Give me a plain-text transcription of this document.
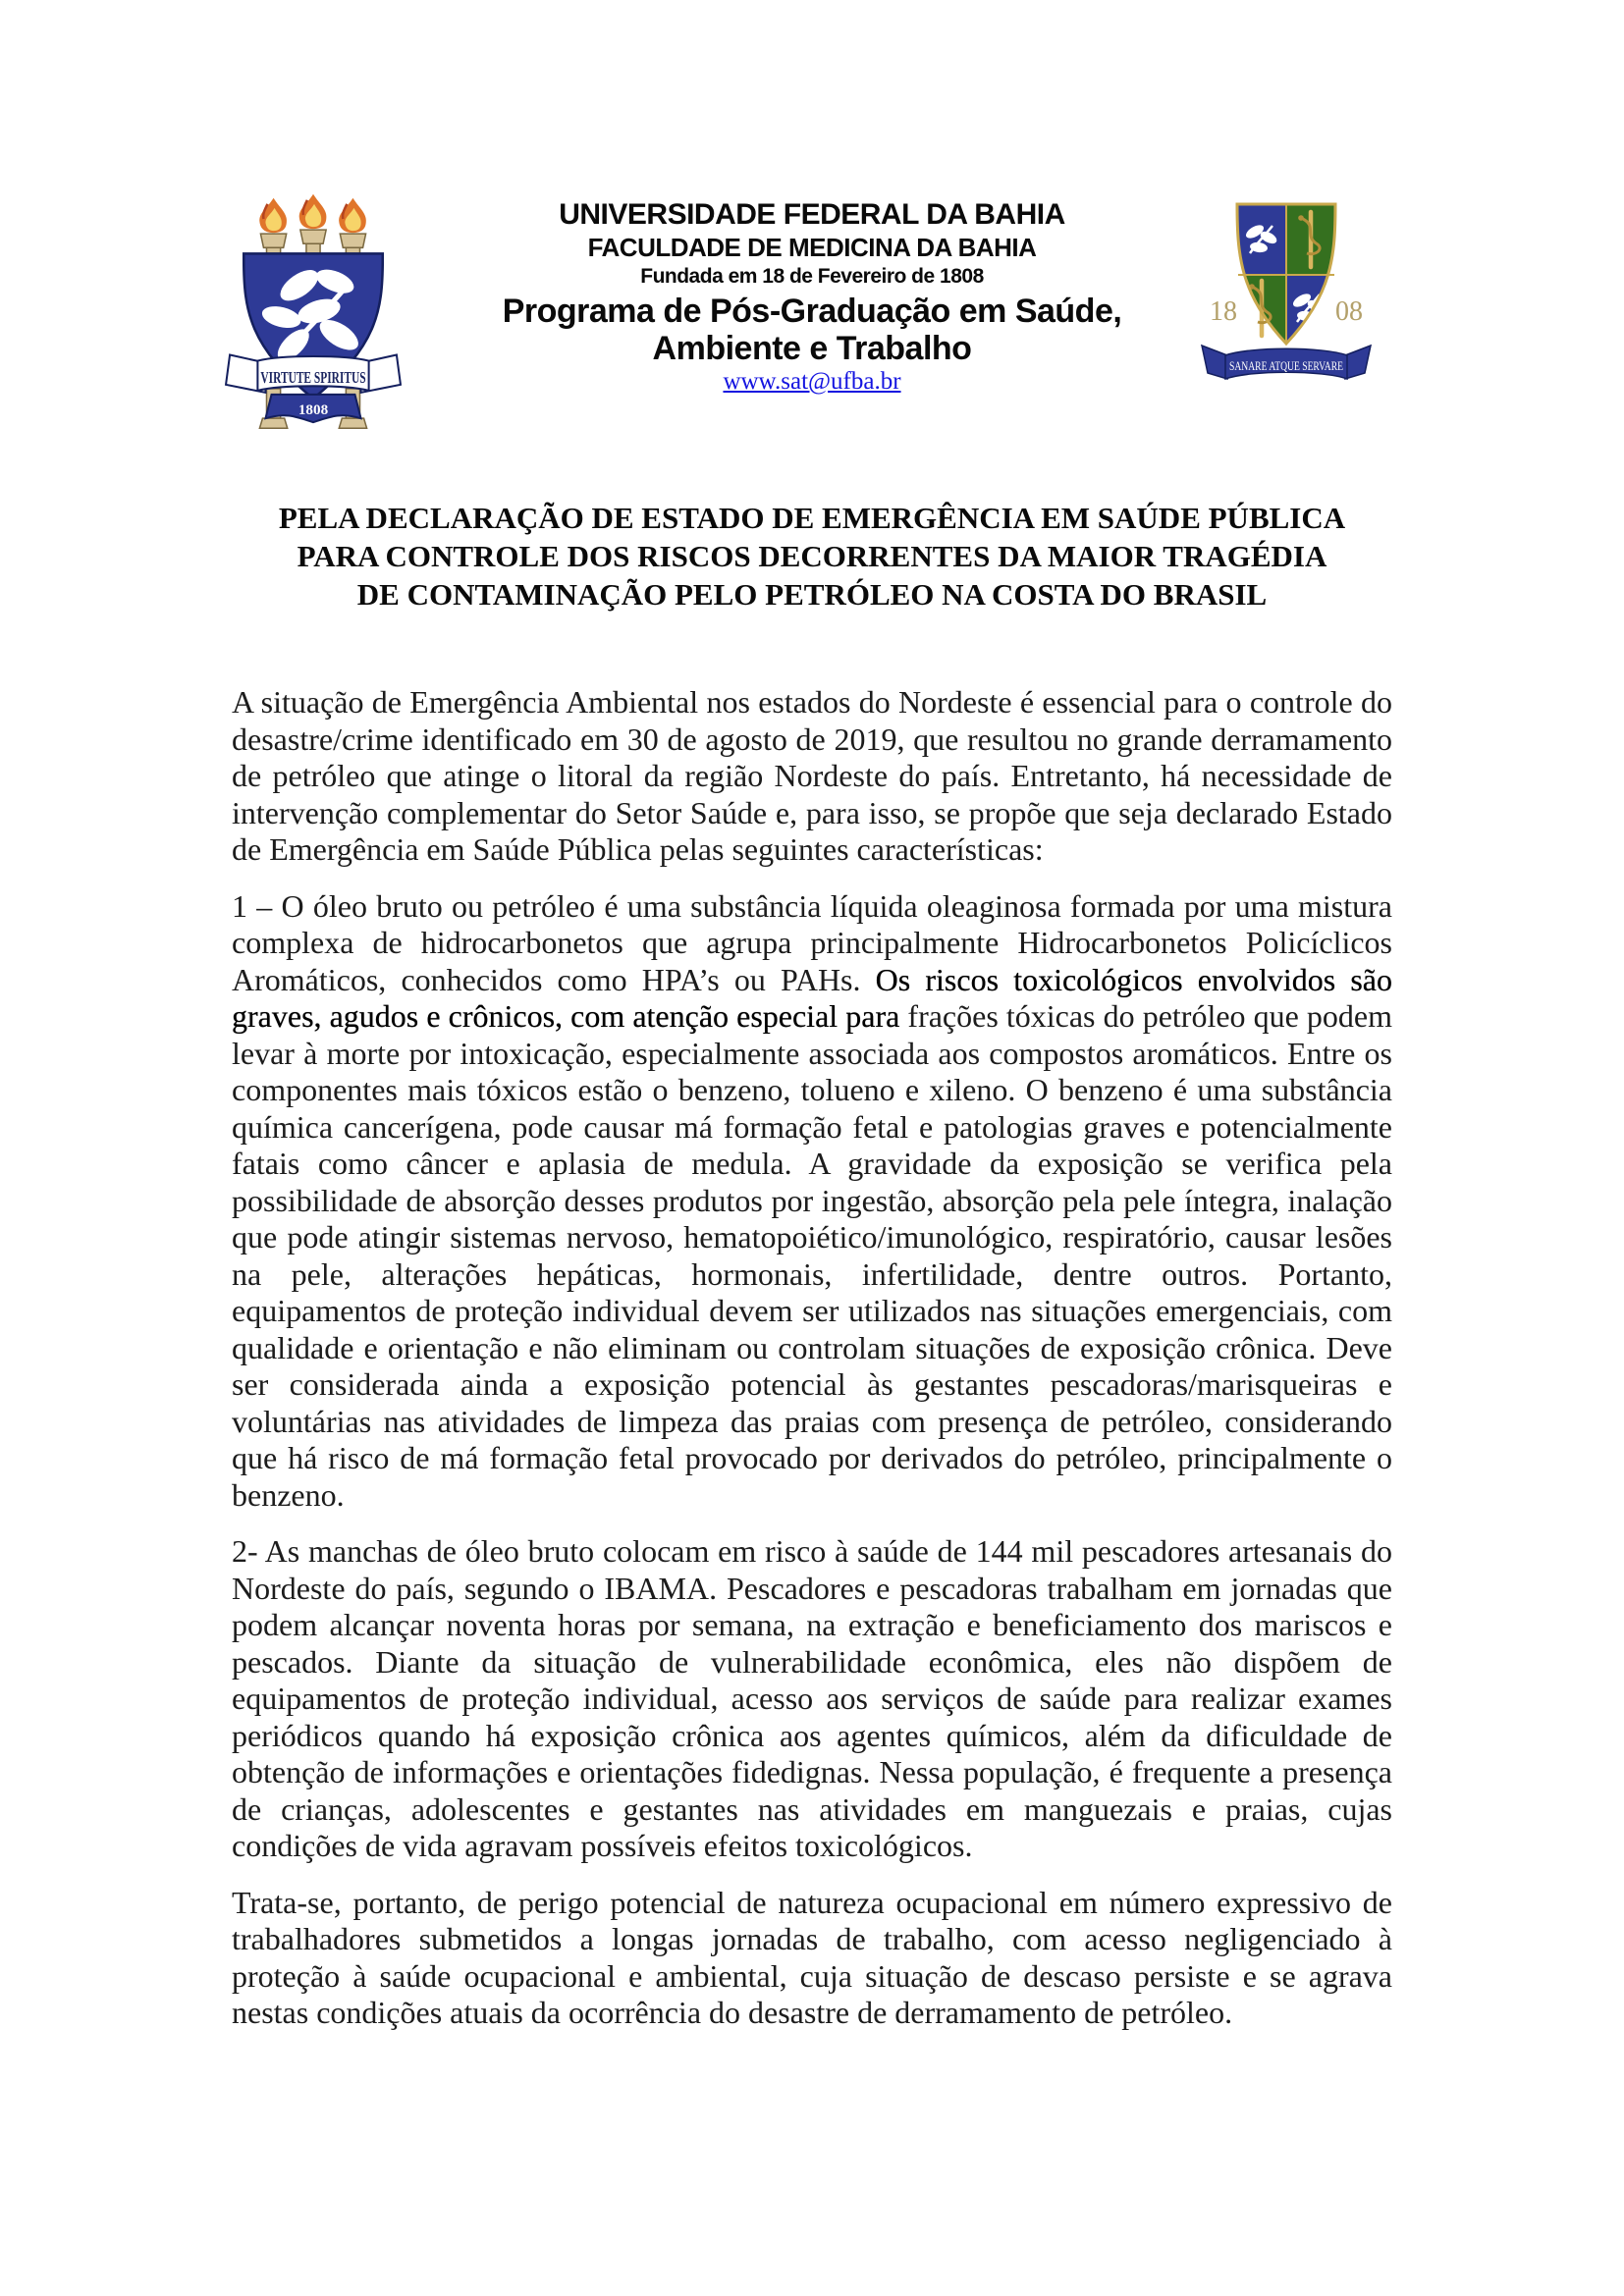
VIRTUTE SPIRITUS
1808
UNIVERSIDADE FEDERAL DA BAHIA
FACULDADE DE MEDICINA DA BAHIA
Fundada em 18 de Fevereiro de 1808
Programa de Pós-Graduação em Saúde,
Ambiente e Trabalho
www.sat@ufba.br
18	08
SANARE ATQUE SERVARE
PELA DECLARAÇÃO DE ESTADO DE EMERGÊNCIA EM SAÚDE PÚBLICA
PARA CONTROLE DOS RISCOS DECORRENTES DA MAIOR TRAGÉDIA
DE CONTAMINAÇÃO PELO PETRÓLEO NA COSTA DO BRASIL

A situação de Emergência Ambiental nos estados do Nordeste é essencial para o controle do desastre/crime identificado em 30 de agosto de 2019, que resultou no grande derramamento de petróleo que atinge o litoral da região Nordeste do país. Entretanto, há necessidade de intervenção complementar do Setor Saúde e, para isso, se propõe que seja declarado Estado de Emergência em Saúde Pública pelas seguintes características:

1 – O óleo bruto ou petróleo é uma substância líquida oleaginosa formada por uma mistura complexa de hidrocarbonetos que agrupa principalmente Hidrocarbonetos Policíclicos Aromáticos, conhecidos como HPA’s ou PAHs. Os riscos toxicológicos envolvidos são graves, agudos e crônicos, com atenção especial para frações tóxicas do petróleo que podem levar à morte por intoxicação, especialmente associada aos compostos aromáticos. Entre os componentes mais tóxicos estão o benzeno, tolueno e xileno. O benzeno é uma substância química cancerígena, pode causar má formação fetal e patologias graves e potencialmente fatais como câncer e aplasia de medula. A gravidade da exposição se verifica pela possibilidade de absorção desses produtos por ingestão, absorção pela pele íntegra, inalação que pode atingir sistemas nervoso, hematopoiético/imunológico, respiratório, causar lesões na pele, alterações hepáticas, hormonais, infertilidade, dentre outros. Portanto, equipamentos de proteção individual devem ser utilizados nas situações emergenciais, com qualidade e orientação e não eliminam ou controlam situações de exposição crônica. Deve ser considerada ainda a exposição potencial às gestantes pescadoras/marisqueiras e voluntárias nas atividades de limpeza das praias com presença de petróleo, considerando que há risco de má formação fetal provocado por derivados do petróleo, principalmente o benzeno.

2- As manchas de óleo bruto colocam em risco à saúde de 144 mil pescadores artesanais do Nordeste do país, segundo o IBAMA. Pescadores e pescadoras trabalham em jornadas que podem alcançar noventa horas por semana, na extração e beneficiamento dos mariscos e pescados. Diante da situação de vulnerabilidade econômica, eles não dispõem de equipamentos de proteção individual, acesso aos serviços de saúde para realizar exames periódicos quando há exposição crônica aos agentes químicos, além da dificuldade de obtenção de informações e orientações fidedignas. Nessa população, é frequente a presença de crianças, adolescentes e gestantes nas atividades em manguezais e praias, cujas condições de vida agravam possíveis efeitos toxicológicos.

Trata-se, portanto, de perigo potencial de natureza ocupacional em número expressivo de trabalhadores submetidos a longas jornadas de trabalho, com acesso negligenciado à proteção à saúde ocupacional e ambiental, cuja situação de descaso persiste e se agrava nestas condições atuais da ocorrência do desastre de derramamento de petróleo.
